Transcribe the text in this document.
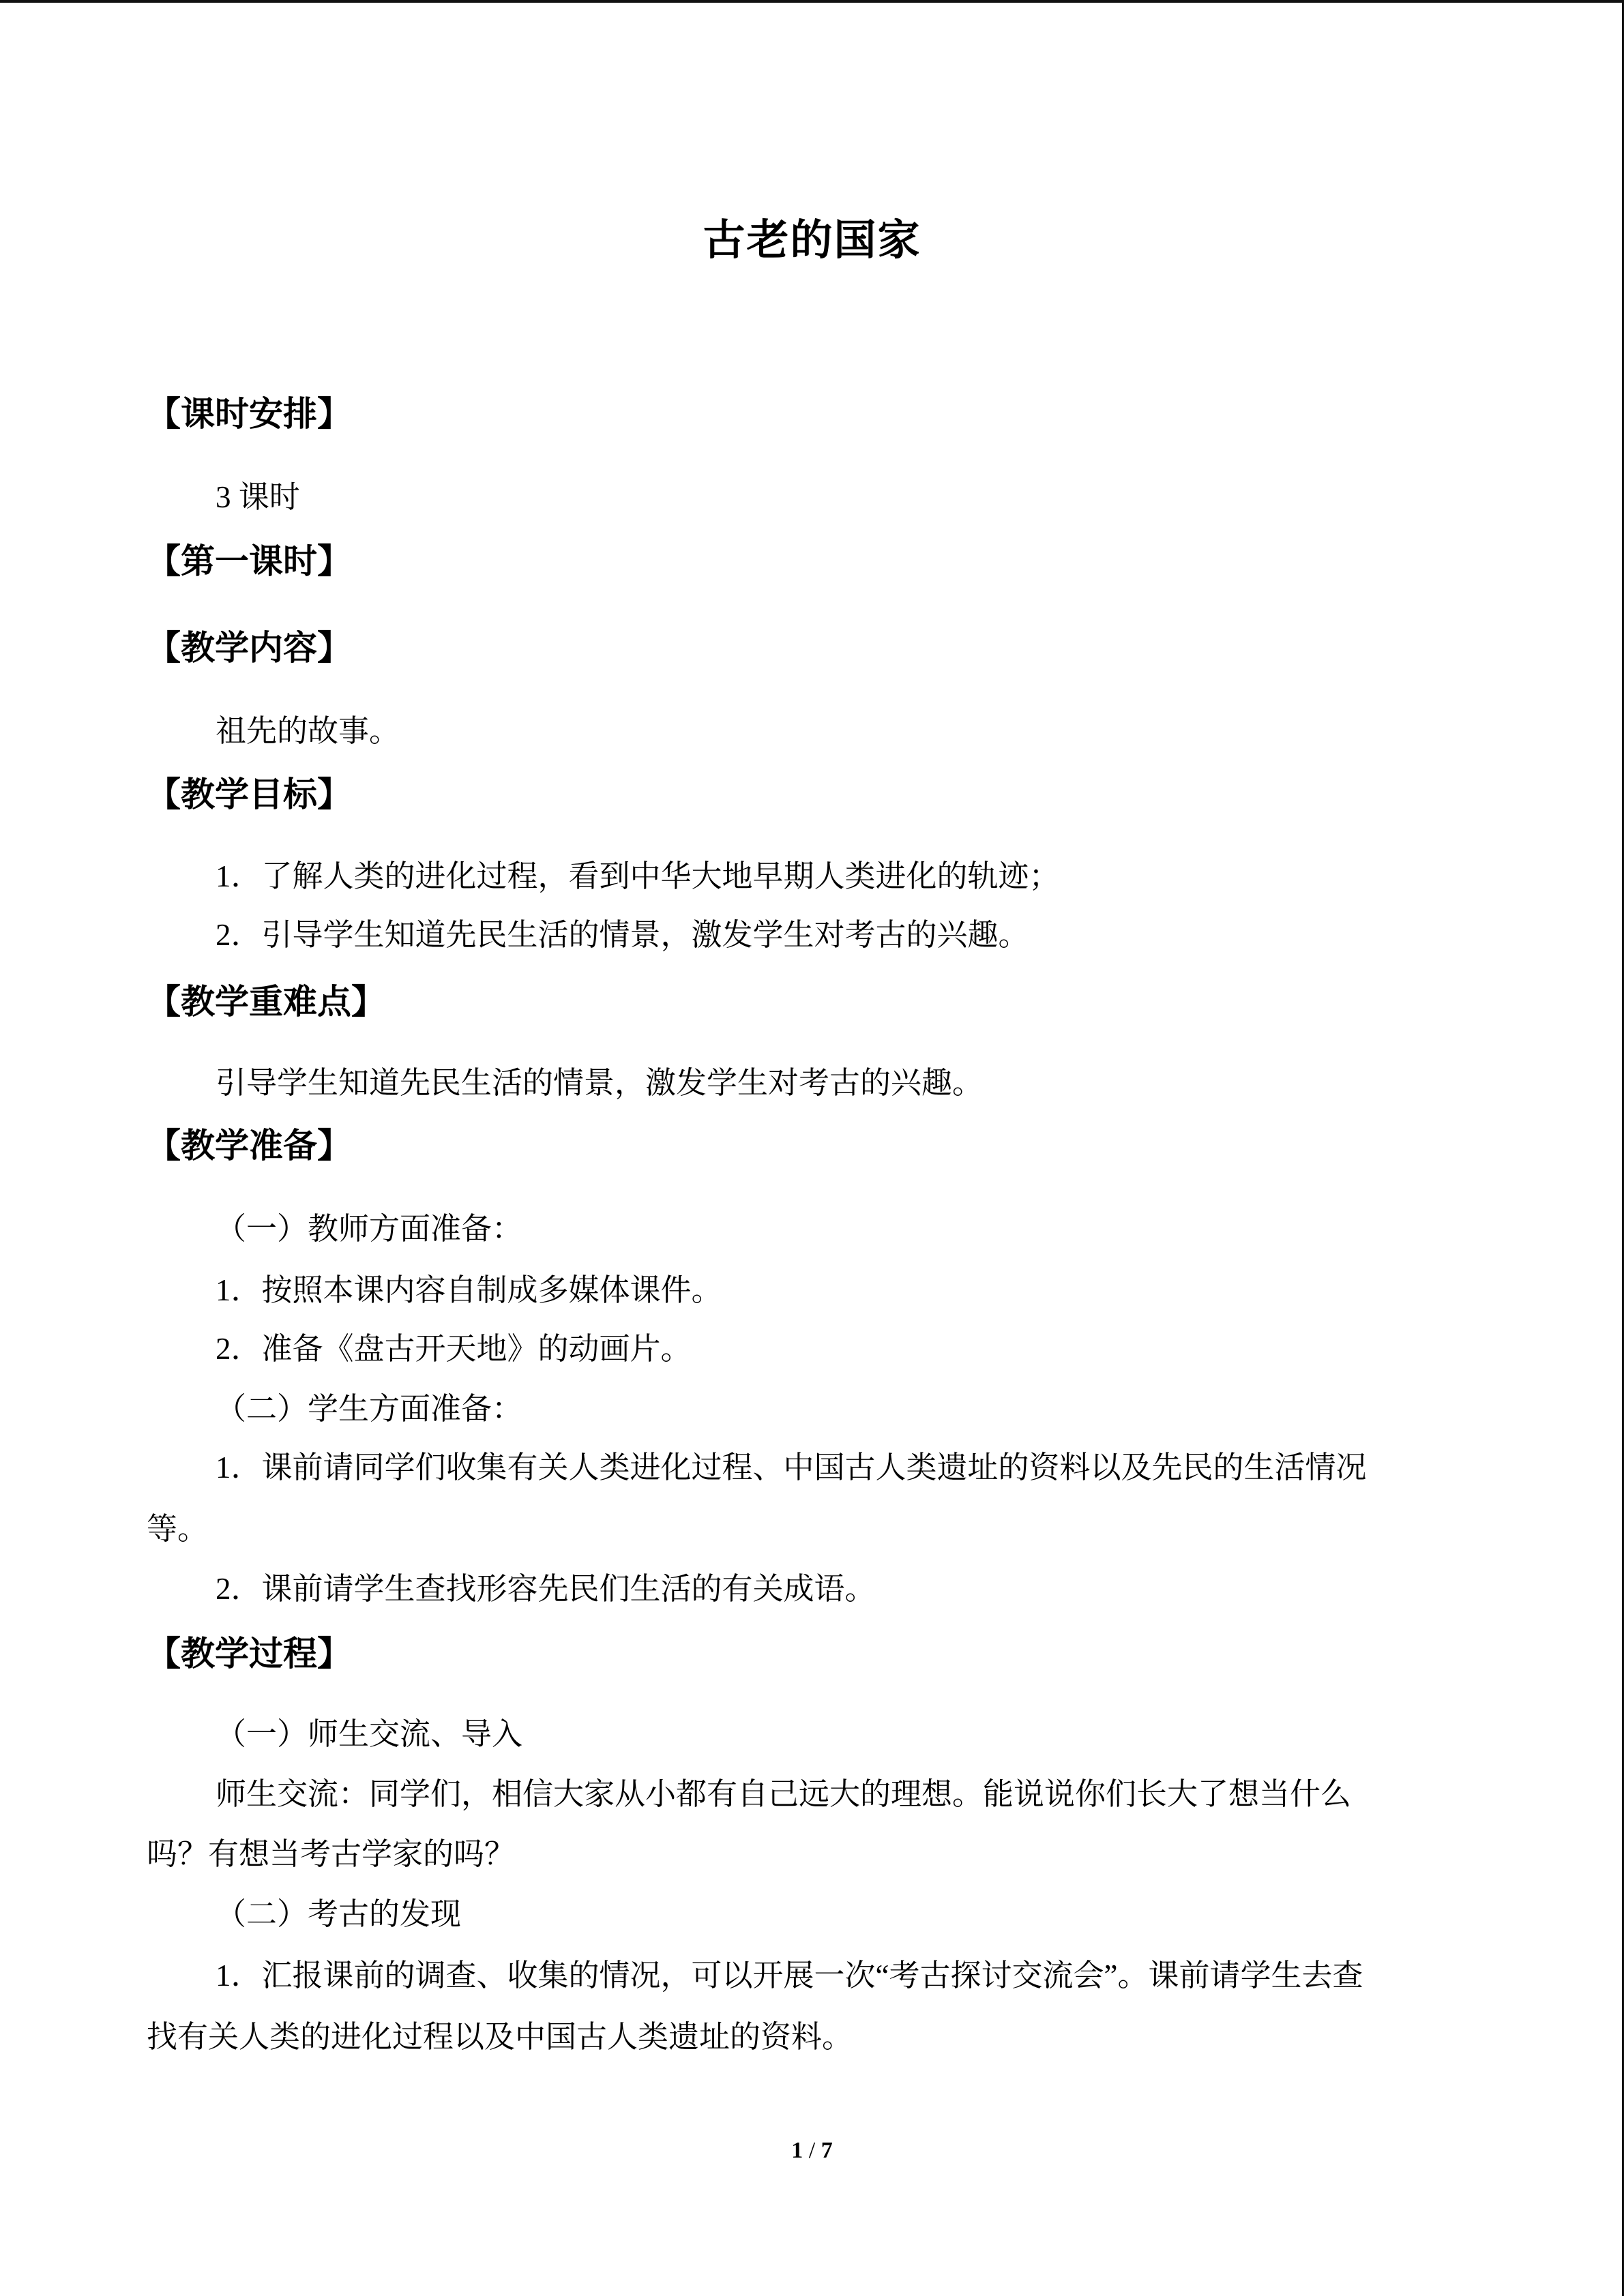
古老的国家
【课时安排】
3 课时
【第一课时】
【教学内容】
祖先的故事。
【教学目标】
1．了解人类的进化过程，看到中华大地早期人类进化的轨迹；
2．引导学生知道先民生活的情景，激发学生对考古的兴趣。
【教学重难点】
引导学生知道先民生活的情景，激发学生对考古的兴趣。
【教学准备】
（一）教师方面准备：
1．按照本课内容自制成多媒体课件。
2．准备《盘古开天地》的动画片。
（二）学生方面准备：
1．课前请同学们收集有关人类进化过程、中国古人类遗址的资料以及先民的生活情况
等。
2．课前请学生查找形容先民们生活的有关成语。
【教学过程】
（一）师生交流、导入
师生交流：同学们，相信大家从小都有自己远大的理想。能说说你们长大了想当什么
吗？有想当考古学家的吗？
（二）考古的发现
1．汇报课前的调查、收集的情况，可以开展一次“考古探讨交流会”。课前请学生去查
找有关人类的进化过程以及中国古人类遗址的资料。
1 / 7
